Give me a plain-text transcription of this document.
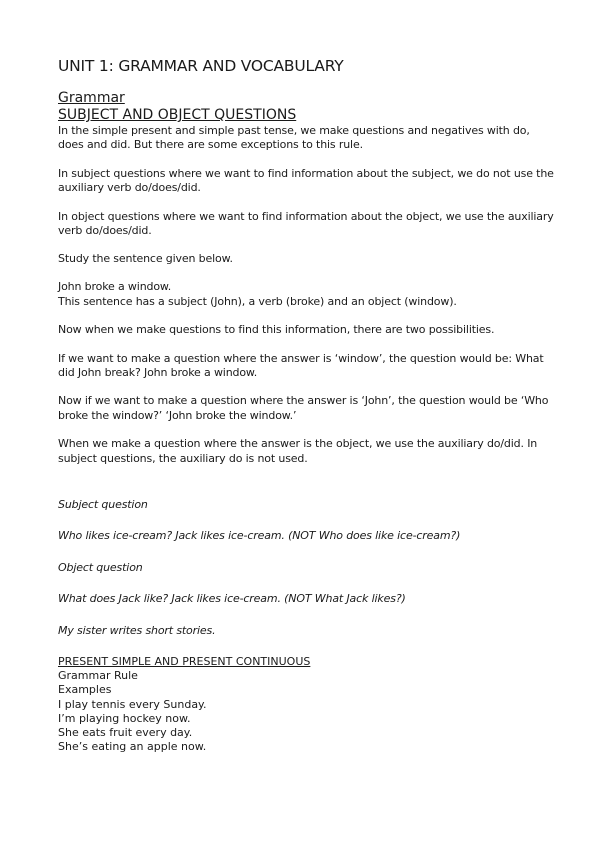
UNIT 1: GRAMMAR AND VOCABULARY
Grammar
SUBJECT AND OBJECT QUESTIONS

In the simple present and simple past tense, we make questions and negatives with do, does and did. But there are some exceptions to this rule.

In subject questions where we want to find information about the subject, we do not use the auxiliary verb do/does/did.

In object questions where we want to find information about the object, we use the auxiliary verb do/does/did.

Study the sentence given below.

John broke a window.

This sentence has a subject (John), a verb (broke) and an object (window).

Now when we make questions to find this information, there are two possibilities.

If we want to make a question where the answer is ‘window’, the question would be: What did John break? John broke a window.

Now if we want to make a question where the answer is ‘John’, the question would be ‘Who broke the window?’ ‘John broke the window.’

When we make a question where the answer is the object, we use the auxiliary do/did. In subject questions, the auxiliary do is not used.

Subject question

Who likes ice-cream? Jack likes ice-cream. (NOT Who does like ice-cream?)

Object question

What does Jack like? Jack likes ice-cream. (NOT What Jack likes?)

My sister writes short stories.

PRESENT SIMPLE AND PRESENT CONTINUOUS
Grammar Rule
Examples
I play tennis every Sunday.
I’m playing hockey now.
She eats fruit every day.
She’s eating an apple now.
